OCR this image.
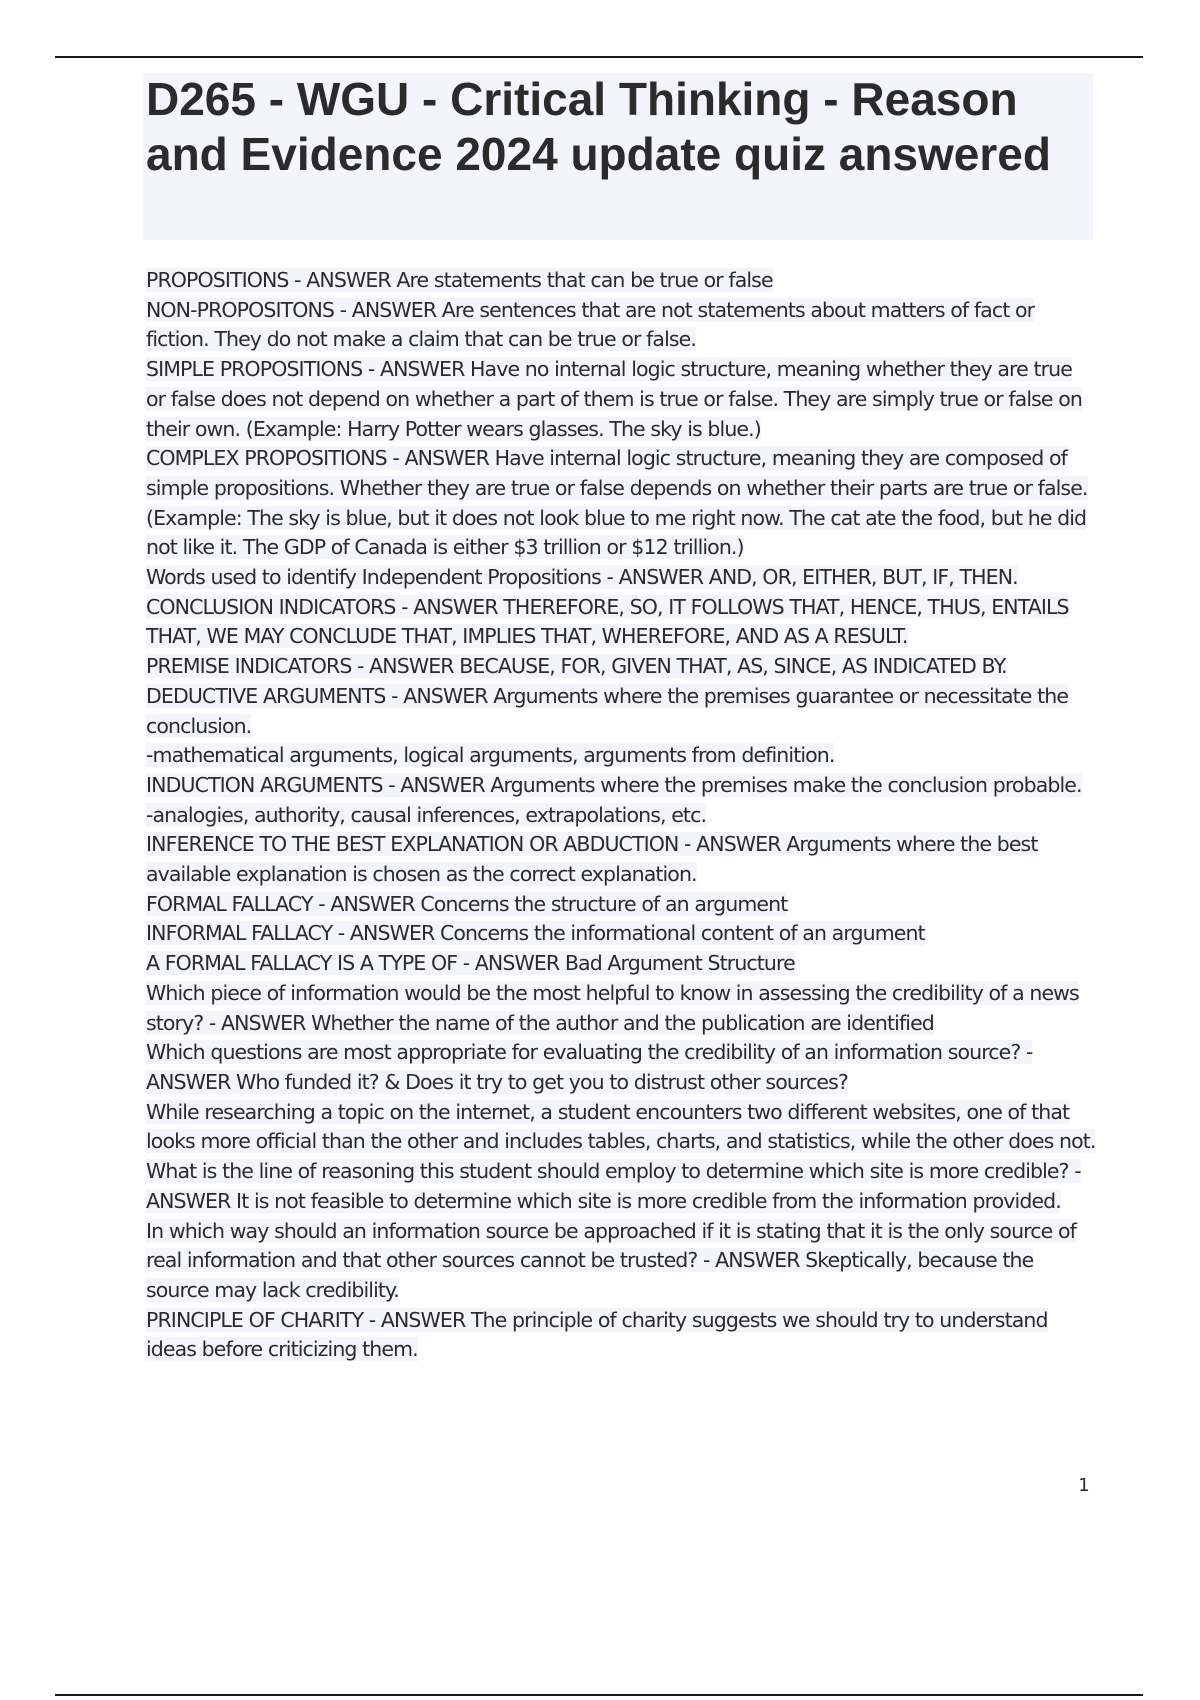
D265 - WGU - Critical Thinking - Reason and Evidence 2024 update quiz answered

PROPOSITIONS - ANSWER Are statements that can be true or false

NON-PROPOSITONS - ANSWER Are sentences that are not statements about matters of fact or fiction. They do not make a claim that can be true or false.

SIMPLE PROPOSITIONS - ANSWER Have no internal logic structure, meaning whether they are true or false does not depend on whether a part of them is true or false. They are simply true or false on their own. (Example: Harry Potter wears glasses. The sky is blue.)

COMPLEX PROPOSITIONS - ANSWER Have internal logic structure, meaning they are composed of simple propositions. Whether they are true or false depends on whether their parts are true or false. (Example: The sky is blue, but it does not look blue to me right now. The cat ate the food, but he did not like it. The GDP of Canada is either $3 trillion or $12 trillion.)

Words used to identify Independent Propositions - ANSWER AND, OR, EITHER, BUT, IF, THEN.

CONCLUSION INDICATORS - ANSWER THEREFORE, SO, IT FOLLOWS THAT, HENCE, THUS, ENTAILS THAT, WE MAY CONCLUDE THAT, IMPLIES THAT, WHEREFORE, AND AS A RESULT.

PREMISE INDICATORS - ANSWER BECAUSE, FOR, GIVEN THAT, AS, SINCE, AS INDICATED BY.

DEDUCTIVE ARGUMENTS - ANSWER Arguments where the premises guarantee or necessitate the conclusion.

-mathematical arguments, logical arguments, arguments from definition.

INDUCTION ARGUMENTS - ANSWER Arguments where the premises make the conclusion probable.

-analogies, authority, causal inferences, extrapolations, etc.

INFERENCE TO THE BEST EXPLANATION OR ABDUCTION - ANSWER Arguments where the best available explanation is chosen as the correct explanation.

FORMAL FALLACY - ANSWER Concerns the structure of an argument

INFORMAL FALLACY - ANSWER Concerns the informational content of an argument

A FORMAL FALLACY IS A TYPE OF - ANSWER Bad Argument Structure

Which piece of information would be the most helpful to know in assessing the credibility of a news story? - ANSWER Whether the name of the author and the publication are identified

Which questions are most appropriate for evaluating the credibility of an information source? - ANSWER Who funded it? & Does it try to get you to distrust other sources?

While researching a topic on the internet, a student encounters two different websites, one of that looks more official than the other and includes tables, charts, and statistics, while the other does not.

What is the line of reasoning this student should employ to determine which site is more credible? - ANSWER It is not feasible to determine which site is more credible from the information provided.

In which way should an information source be approached if it is stating that it is the only source of real information and that other sources cannot be trusted? - ANSWER Skeptically, because the source may lack credibility.

PRINCIPLE OF CHARITY - ANSWER The principle of charity suggests we should try to understand ideas before criticizing them.

1
